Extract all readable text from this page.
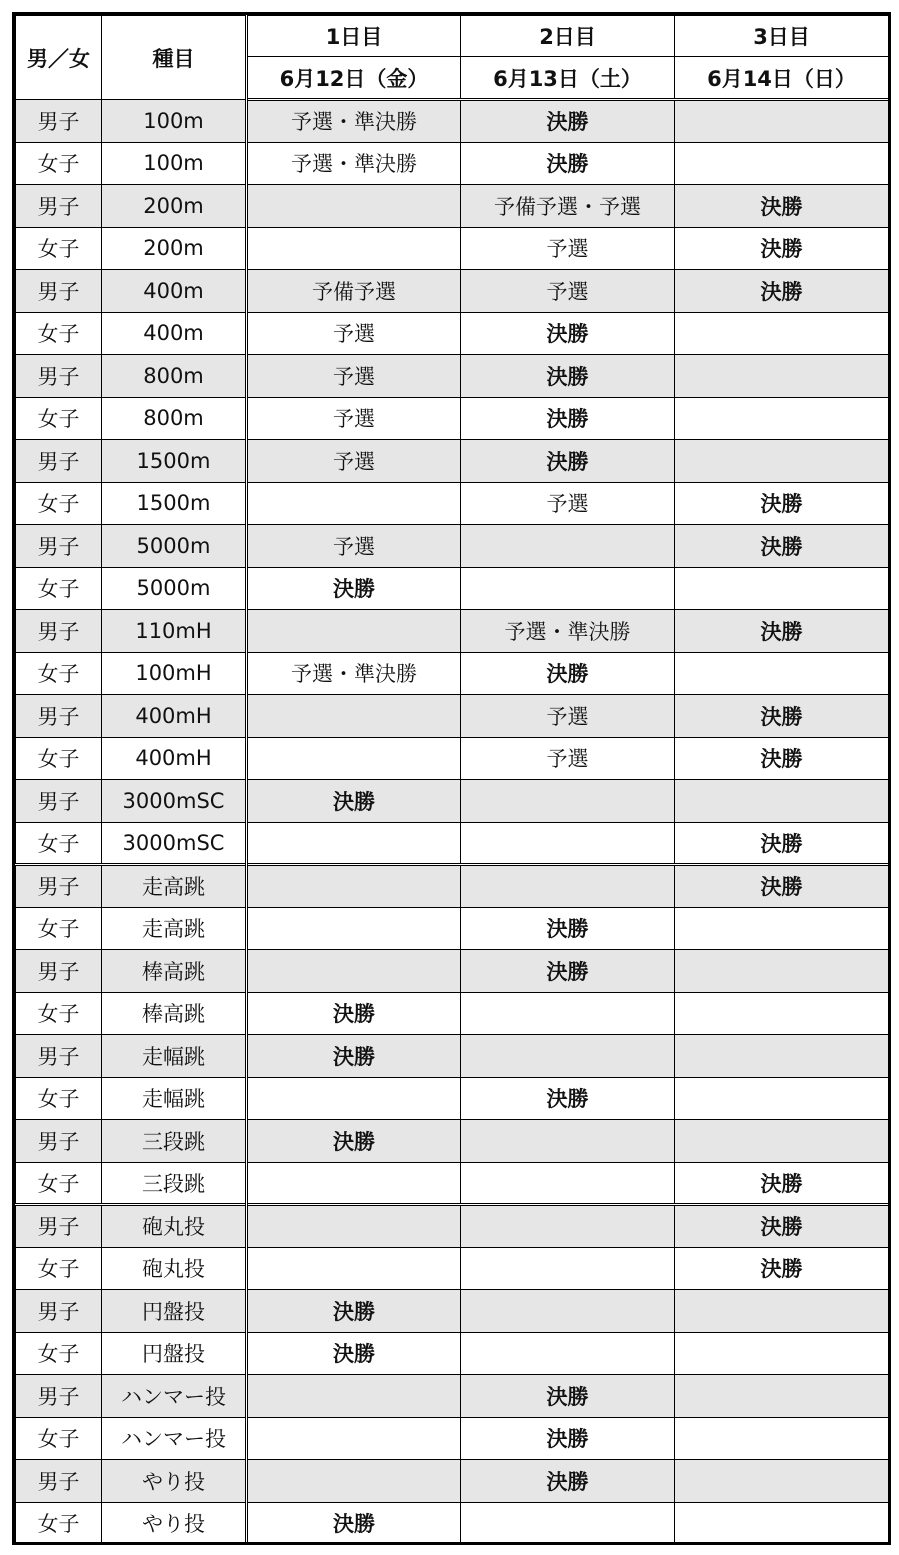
男／女	種目	1日目	2日目	3日目
		6月12日（金）	6月13日（土）	6月14日（日）
男子	100m	予選・準決勝	決勝	
女子	100m	予選・準決勝	決勝	
男子	200m		予備予選・予選	決勝
女子	200m		予選	決勝
男子	400m	予備予選	予選	決勝
女子	400m	予選	決勝	
男子	800m	予選	決勝	
女子	800m	予選	決勝	
男子	1500m	予選	決勝	
女子	1500m		予選	決勝
男子	5000m	予選		決勝
女子	5000m	決勝		
男子	110mH		予選・準決勝	決勝
女子	100mH	予選・準決勝	決勝	
男子	400mH		予選	決勝
女子	400mH		予選	決勝
男子	3000mSC	決勝		
女子	3000mSC			決勝
男子	走高跳			決勝
女子	走高跳		決勝	
男子	棒高跳		決勝	
女子	棒高跳	決勝		
男子	走幅跳	決勝		
女子	走幅跳		決勝	
男子	三段跳	決勝		
女子	三段跳			決勝
男子	砲丸投			決勝
女子	砲丸投			決勝
男子	円盤投	決勝		
女子	円盤投	決勝		
男子	ハンマー投		決勝	
女子	ハンマー投		決勝	
男子	やり投		決勝	
女子	やり投	決勝		
